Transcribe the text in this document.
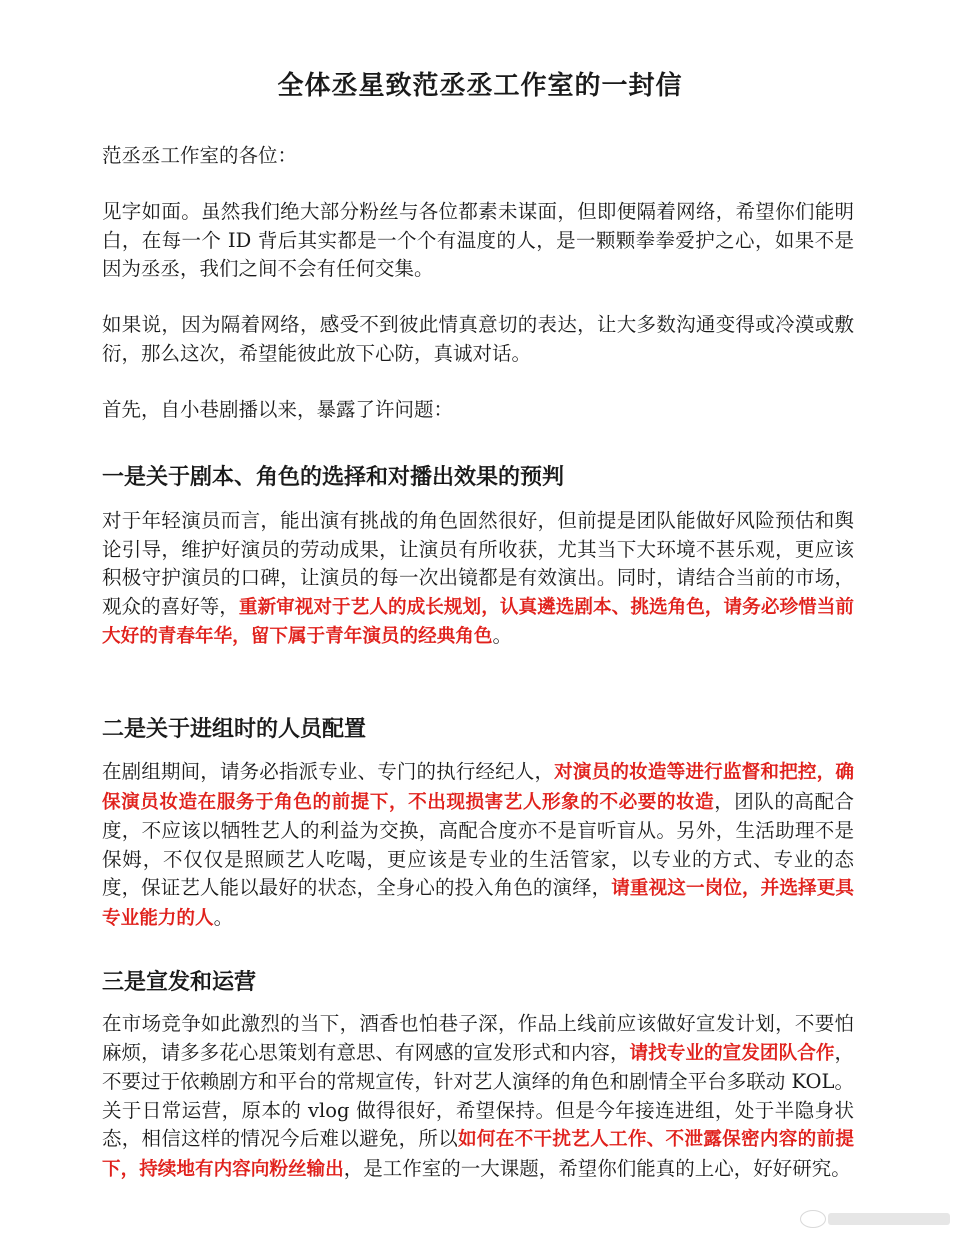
全体丞星致范丞丞工作室的一封信

范丞丞工作室的各位：

见字如面。虽然我们绝大部分粉丝与各位都素未谋面，但即便隔着网络，希望你们能明白，在每一个 ID 背后其实都是一个个有温度的人，是一颗颗拳拳爱护之心，如果不是因为丞丞，我们之间不会有任何交集。

如果说，因为隔着网络，感受不到彼此情真意切的表达，让大多数沟通变得或冷漠或敷衍，那么这次，希望能彼此放下心防，真诚对话。

首先，自小巷剧播以来，暴露了许问题：

一是关于剧本、角色的选择和对播出效果的预判

对于年轻演员而言，能出演有挑战的角色固然很好，但前提是团队能做好风险预估和舆论引导，维护好演员的劳动成果，让演员有所收获，尤其当下大环境不甚乐观，更应该积极守护演员的口碑，让演员的每一次出镜都是有效演出。同时，请结合当前的市场，观众的喜好等，重新审视对于艺人的成长规划，认真遴选剧本、挑选角色，请务必珍惜当前大好的青春年华，留下属于青年演员的经典角色。

二是关于进组时的人员配置

在剧组期间，请务必指派专业、专门的执行经纪人，对演员的妆造等进行监督和把控，确保演员妆造在服务于角色的前提下，不出现损害艺人形象的不必要的妆造，团队的高配合度，不应该以牺牲艺人的利益为交换，高配合度亦不是盲听盲从。另外，生活助理不是保姆，不仅仅是照顾艺人吃喝，更应该是专业的生活管家，以专业的方式、专业的态度，保证艺人能以最好的状态，全身心的投入角色的演绎，请重视这一岗位，并选择更具专业能力的人。

三是宣发和运营

在市场竞争如此激烈的当下，酒香也怕巷子深，作品上线前应该做好宣发计划，不要怕麻烦，请多多花心思策划有意思、有网感的宣发形式和内容，请找专业的宣发团队合作，不要过于依赖剧方和平台的常规宣传，针对艺人演绎的角色和剧情全平台多联动 KOL。关于日常运营，原本的 vlog 做得很好，希望保持。但是今年接连进组，处于半隐身状态，相信这样的情况今后难以避免，所以如何在不干扰艺人工作、不泄露保密内容的前提下，持续地有内容向粉丝输出，是工作室的一大课题，希望你们能真的上心，好好研究。
